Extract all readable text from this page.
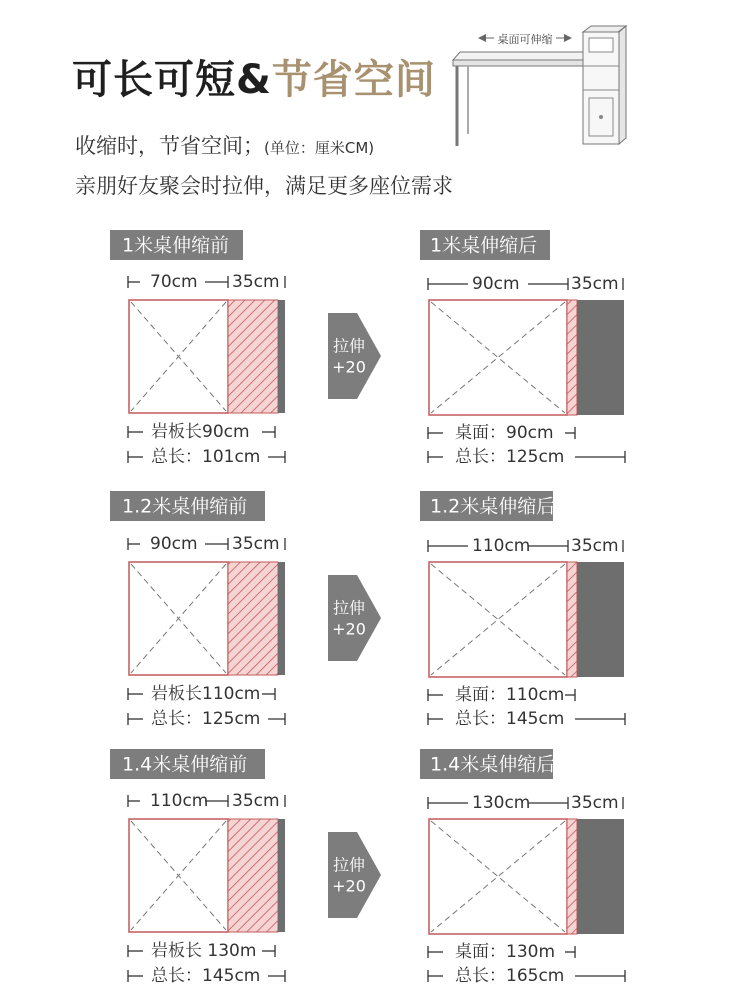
可长可短&节省空间
收缩时，节省空间；(单位：厘米CM)
亲朋好友聚会时拉伸，满足更多座位需求
桌面可伸缩
1米桌伸缩前
70cm 35cm
岩板长90cm
总长：101cm
拉伸
+20
1米桌伸缩后
90cm	35cm
桌面：90cm
总长：125cm
1.2米桌伸缩前
90cm 35cm
岩板长110cm
总长：125cm
拉伸
+20
1.2米桌伸缩后
110cm 35cm
桌面：110cm
总长：145cm
1.4米桌伸缩前
110cm 35cm
岩板长 130m
总长：145cm
拉伸
+20
1.4米桌伸缩后
130cm 35cm
桌面：130m
总长：165cm
